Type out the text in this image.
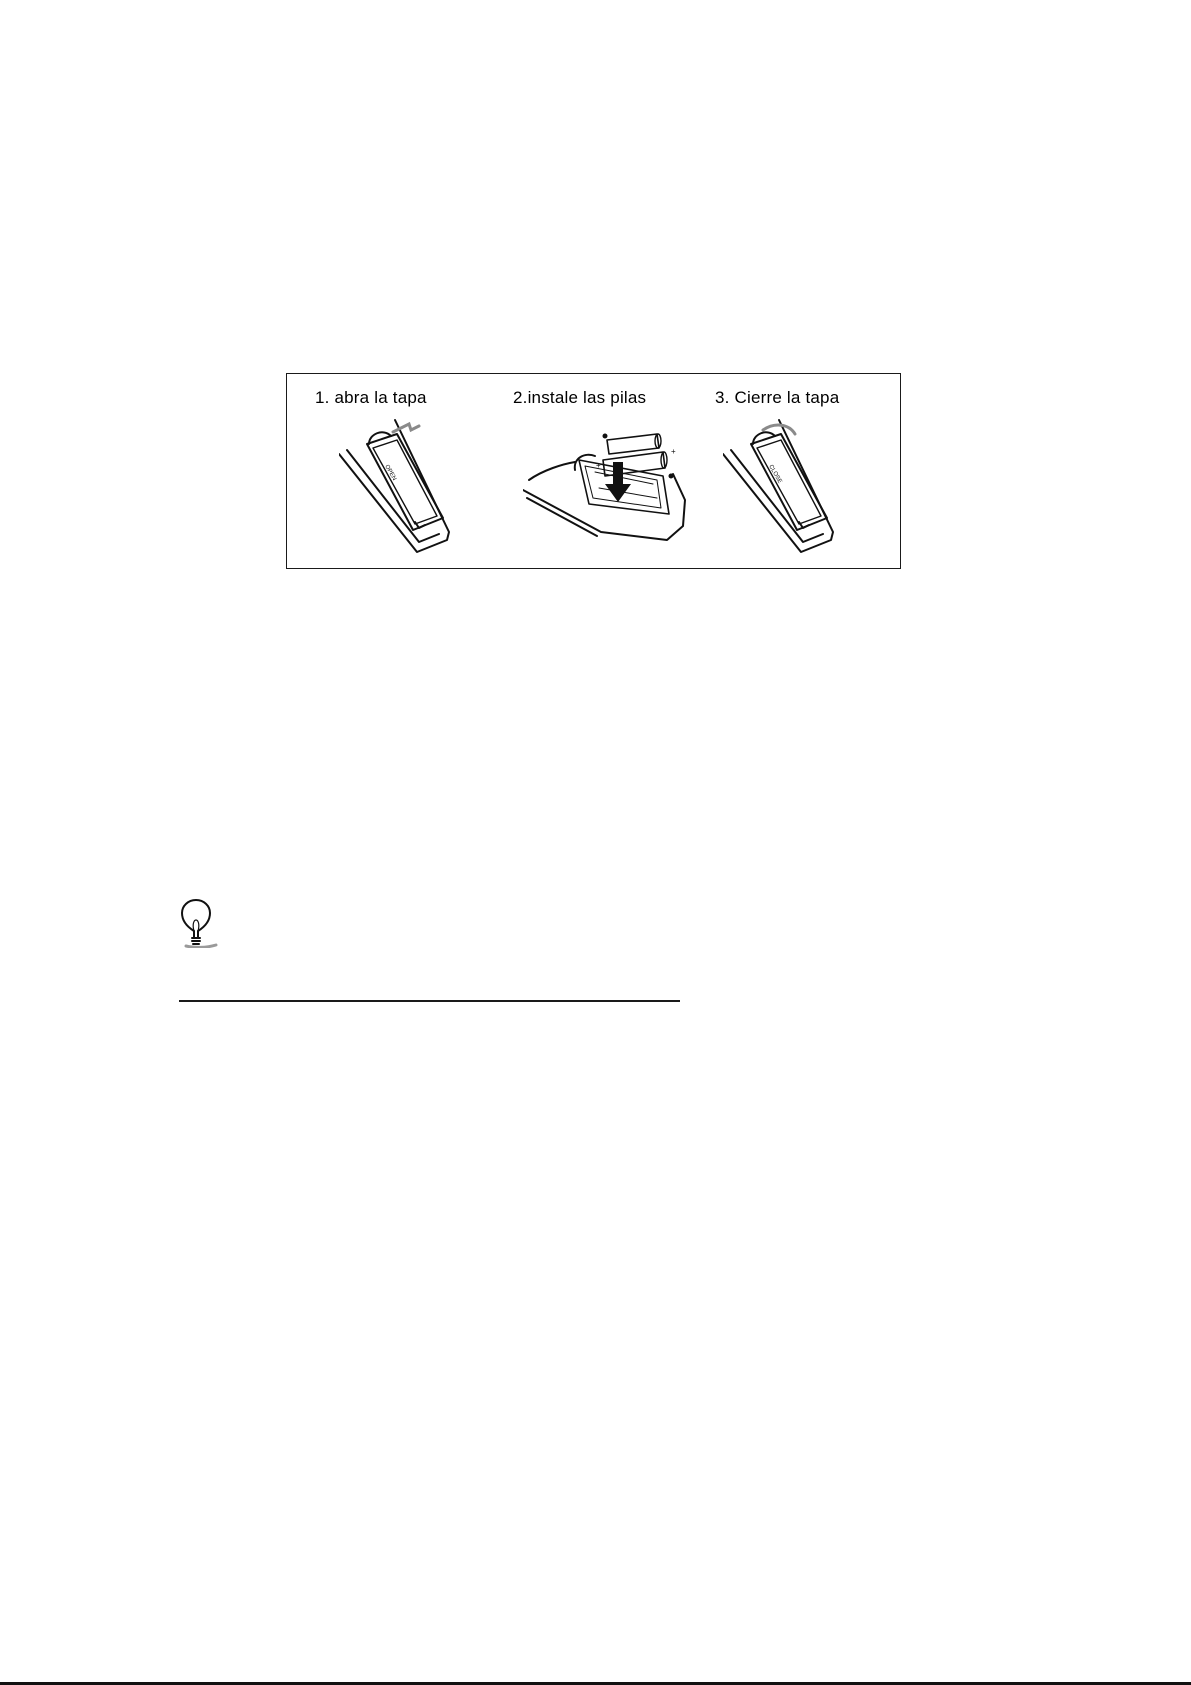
1. abra la tapa	2.instale las pilas	3. Cierre la tapa
OPEN	+
+
CLOSE
